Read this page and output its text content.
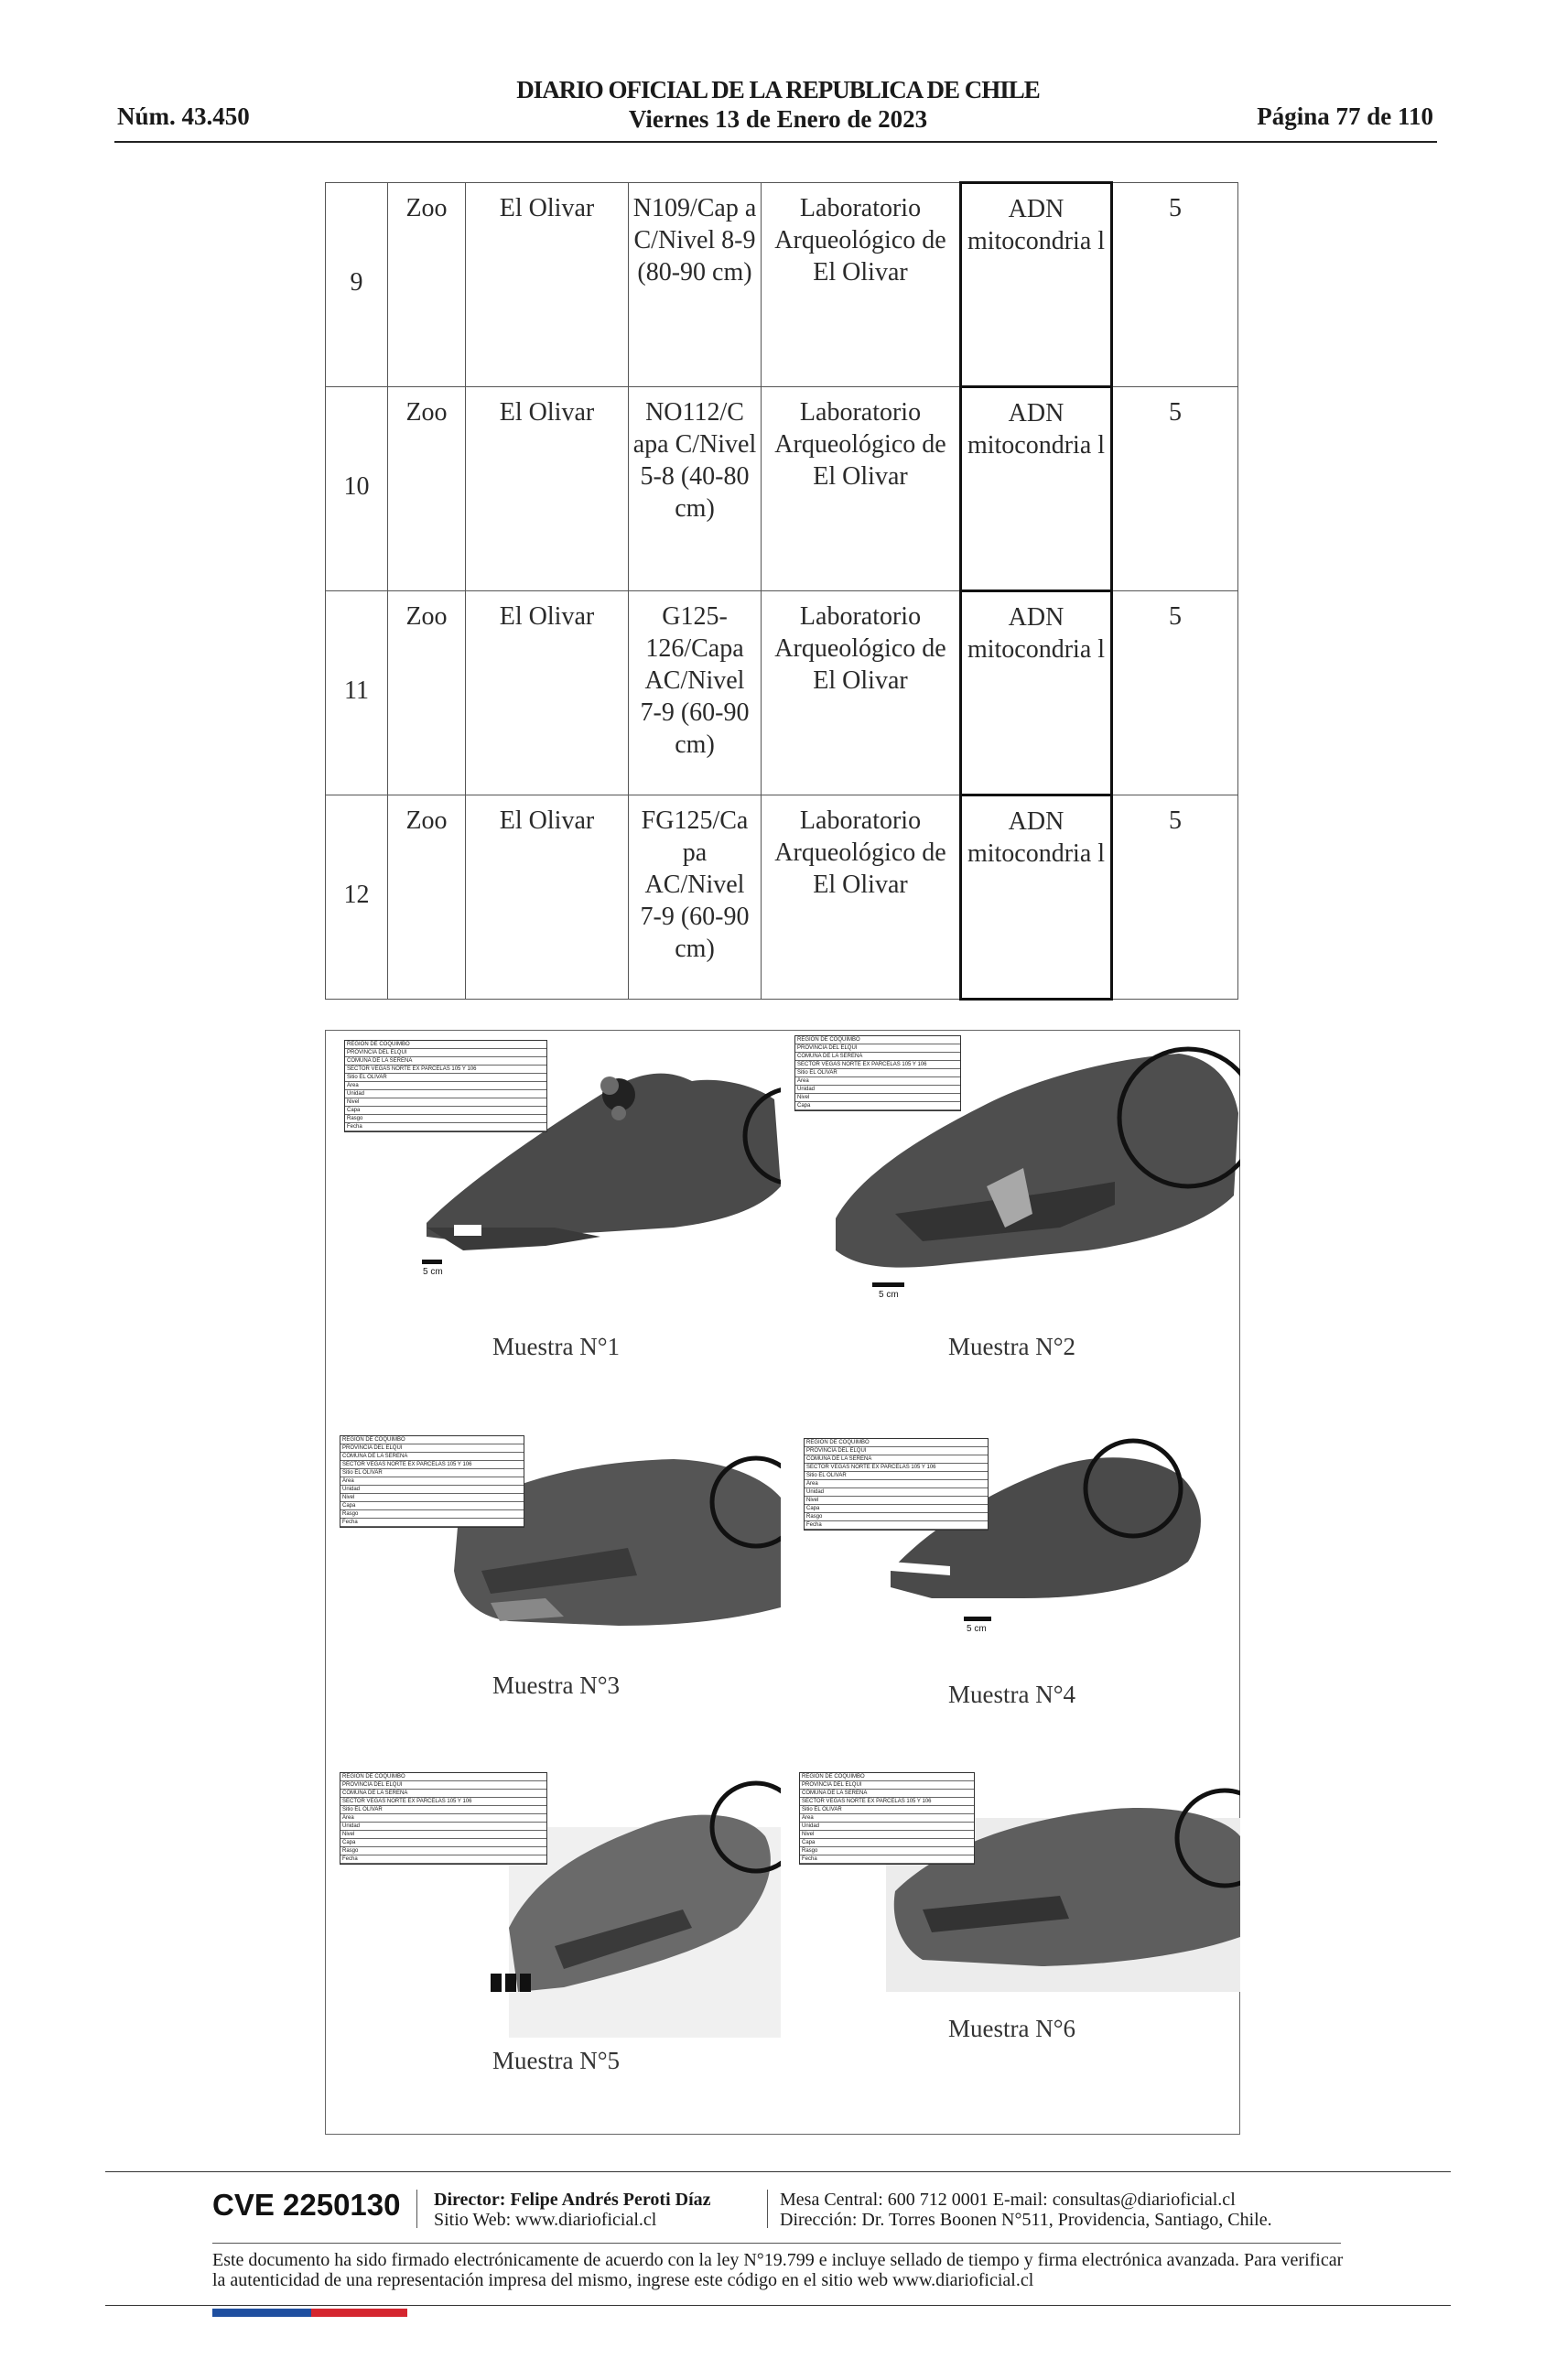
Núm. 43.450
DIARIO OFICIAL DE LA REPUBLICA DE CHILE
Viernes 13 de Enero de 2023	Página 77 de 110
9	Zoo	El Olivar	N109/Cap a C/Nivel 8-9 (80-90 cm)	Laboratorio Arqueológico de El Olivar	ADN mitocondria l	5
10	Zoo	El Olivar	NO112/C apa C/Nivel 5-8 (40-80 cm)	Laboratorio Arqueológico de El Olivar	ADN mitocondria l	5
11	Zoo	El Olivar	G125-126/Capa AC/Nivel 7-9 (60-90 cm)	Laboratorio Arqueológico de El Olivar	ADN mitocondria l	5
12	Zoo	El Olivar	FG125/Ca pa AC/Nivel 7-9 (60-90 cm)	Laboratorio Arqueológico de El Olivar	ADN mitocondria l	5
REGION DE COQUIMBO
PROVINCIA DEL ELQUI
COMUNA DE LA SERENA
SECTOR VEGAS NORTE EX PARCELAS 105 Y 106
Sitio EL OLIVAR
Área
Unidad
Nivel
Capa
Rasgo
Fecha
5 cm
Muestra N°1
REGION DE COQUIMBO
PROVINCIA DEL ELQUI
COMUNA DE LA SERENA
SECTOR VEGAS NORTE EX PARCELAS 105 Y 106
Sitio EL OLIVAR
Área
Unidad
Nivel
Capa
5 cm
Muestra N°2
REGION DE COQUIMBO
PROVINCIA DEL ELQUI
COMUNA DE LA SERENA
SECTOR VEGAS NORTE EX PARCELAS 105 Y 106
Sitio EL OLIVAR
Área
Unidad
Nivel
Capa
Rasgo
Fecha
Muestra N°3
REGION DE COQUIMBO
PROVINCIA DEL ELQUI
COMUNA DE LA SERENA
SECTOR VEGAS NORTE EX PARCELAS 105 Y 106
Sitio EL OLIVAR
Área
Unidad
Nivel
Capa
Rasgo
Fecha
5 cm
Muestra N°4
REGION DE COQUIMBO
PROVINCIA DEL ELQUI
COMUNA DE LA SERENA
SECTOR VEGAS NORTE EX PARCELAS 105 Y 106
Sitio EL OLIVAR
Área
Unidad
Nivel
Capa
Rasgo
Fecha
Muestra N°5
REGION DE COQUIMBO
PROVINCIA DEL ELQUI
COMUNA DE LA SERENA
SECTOR VEGAS NORTE EX PARCELAS 105 Y 106
Sitio EL OLIVAR
Área
Unidad
Nivel
Capa
Rasgo
Fecha
Muestra N°6
CVE 2250130 Director: Felipe Andrés Peroti Díaz
Sitio Web: www.diarioficial.cl
Mesa Central: 600 712 0001 E-mail: consultas@diarioficial.cl
Dirección: Dr. Torres Boonen N°511, Providencia, Santiago, Chile.
Este documento ha sido firmado electrónicamente de acuerdo con la ley N°19.799 e incluye sellado de tiempo y firma electrónica avanzada. Para verificar la autenticidad de una representación impresa del mismo, ingrese este código en el sitio web www.diarioficial.cl
